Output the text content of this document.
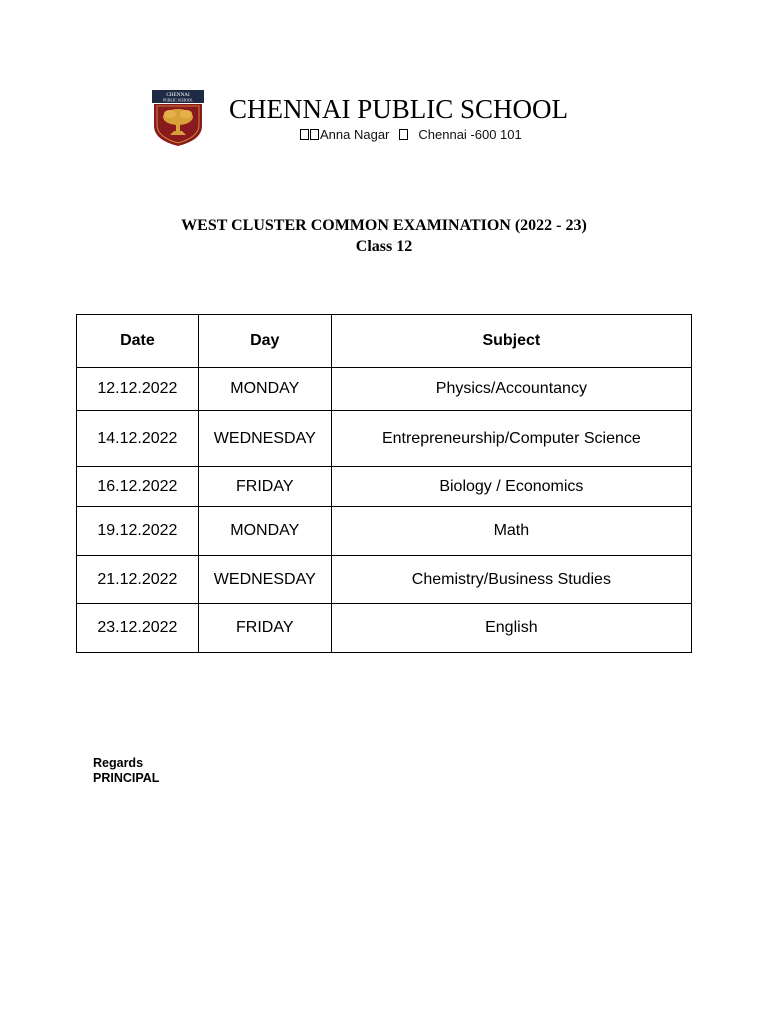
CHENNAI
PUBLIC SCHOOL CHENNAI PUBLIC SCHOOL
Anna Nagar Chennai -600 101
WEST CLUSTER COMMON EXAMINATION (2022 - 23)
Class 12
Date	Day	Subject
12.12.2022	MONDAY	Physics/Accountancy
14.12.2022	WEDNESDAY	Entrepreneurship/Computer Science
16.12.2022	FRIDAY	Biology / Economics
19.12.2022	MONDAY	Math
21.12.2022	WEDNESDAY	Chemistry/Business Studies
23.12.2022	FRIDAY	English
Regards
PRINCIPAL
